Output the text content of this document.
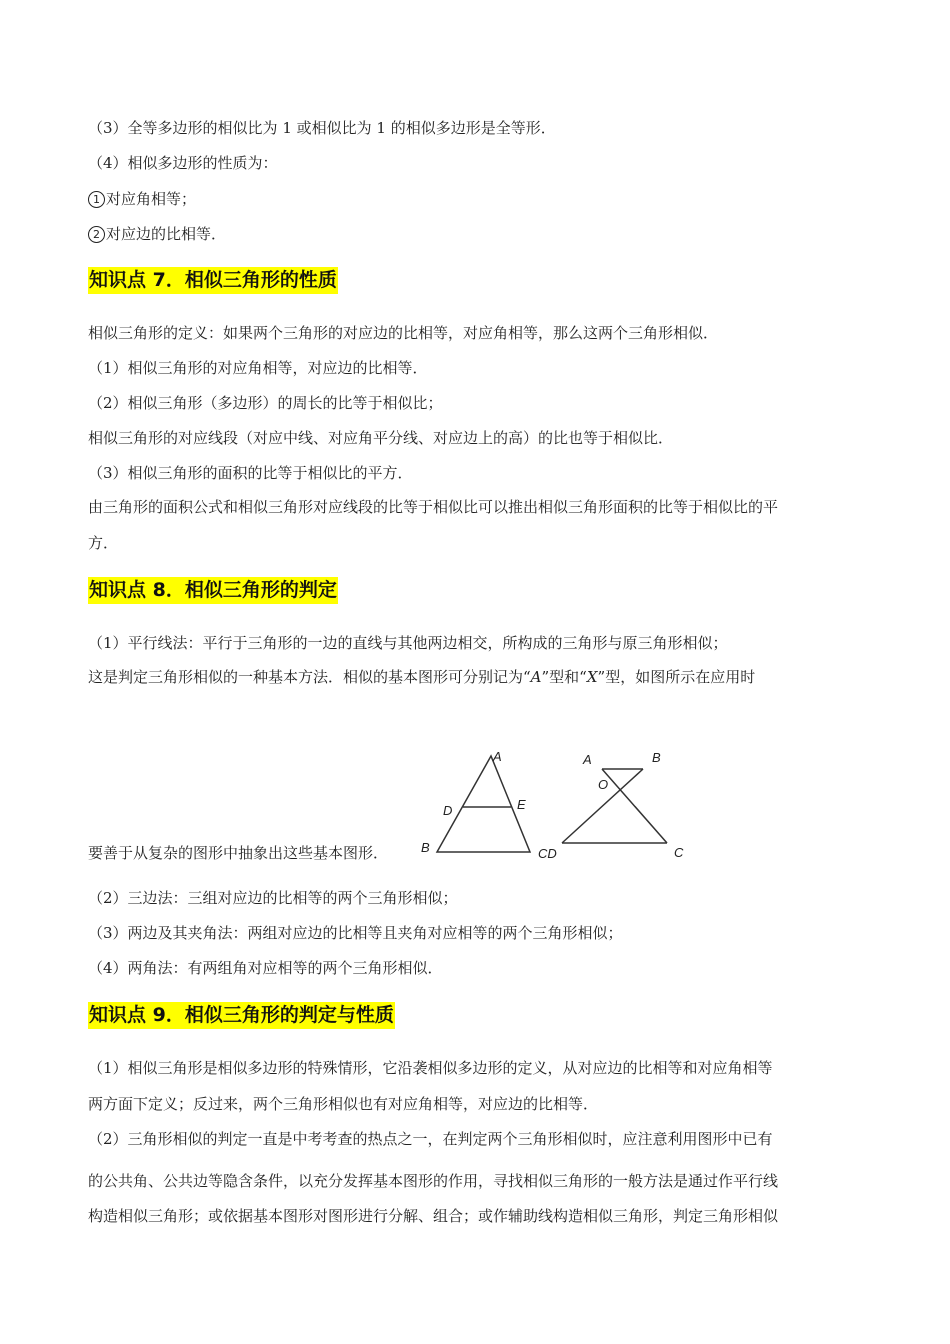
（3）全等多边形的相似比为 1 或相似比为 1 的相似多边形是全等形．
（4）相似多边形的性质为：
1 对应角相等；
2 对应边的比相等．
知识点 7．相似三角形的性质
相似三角形的定义：如果两个三角形的对应边的比相等，对应角相等，那么这两个三角形相似．
（1）相似三角形的对应角相等，对应边的比相等．
（2）相似三角形（多边形）的周长的比等于相似比；
相似三角形的对应线段（对应中线、对应角平分线、对应边上的高）的比也等于相似比．
（3）相似三角形的面积的比等于相似比的平方．
由三角形的面积公式和相似三角形对应线段的比等于相似比可以推出相似三角形面积的比等于相似比的平
方．
知识点 8．相似三角形的判定
（1）平行线法：平行于三角形的一边的直线与其他两边相交，所构成的三角形与原三角形相似；
这是判定三角形相似的一种基本方法．相似的基本图形可分别记为“A”型和“X”型，如图所示在应用时
要善于从复杂的图形中抽象出这些基本图形．
A
D	E
B
A	B
O
CD	C
（2）三边法：三组对应边的比相等的两个三角形相似；
（3）两边及其夹角法：两组对应边的比相等且夹角对应相等的两个三角形相似；
（4）两角法：有两组角对应相等的两个三角形相似．
知识点 9．相似三角形的判定与性质
（1）相似三角形是相似多边形的特殊情形，它沿袭相似多边形的定义，从对应边的比相等和对应角相等
两方面下定义；反过来，两个三角形相似也有对应角相等，对应边的比相等．
（2）三角形相似的判定一直是中考考查的热点之一，在判定两个三角形相似时，应注意利用图形中已有
的公共角、公共边等隐含条件，以充分发挥基本图形的作用，寻找相似三角形的一般方法是通过作平行线
构造相似三角形；或依据基本图形对图形进行分解、组合；或作辅助线构造相似三角形，判定三角形相似
